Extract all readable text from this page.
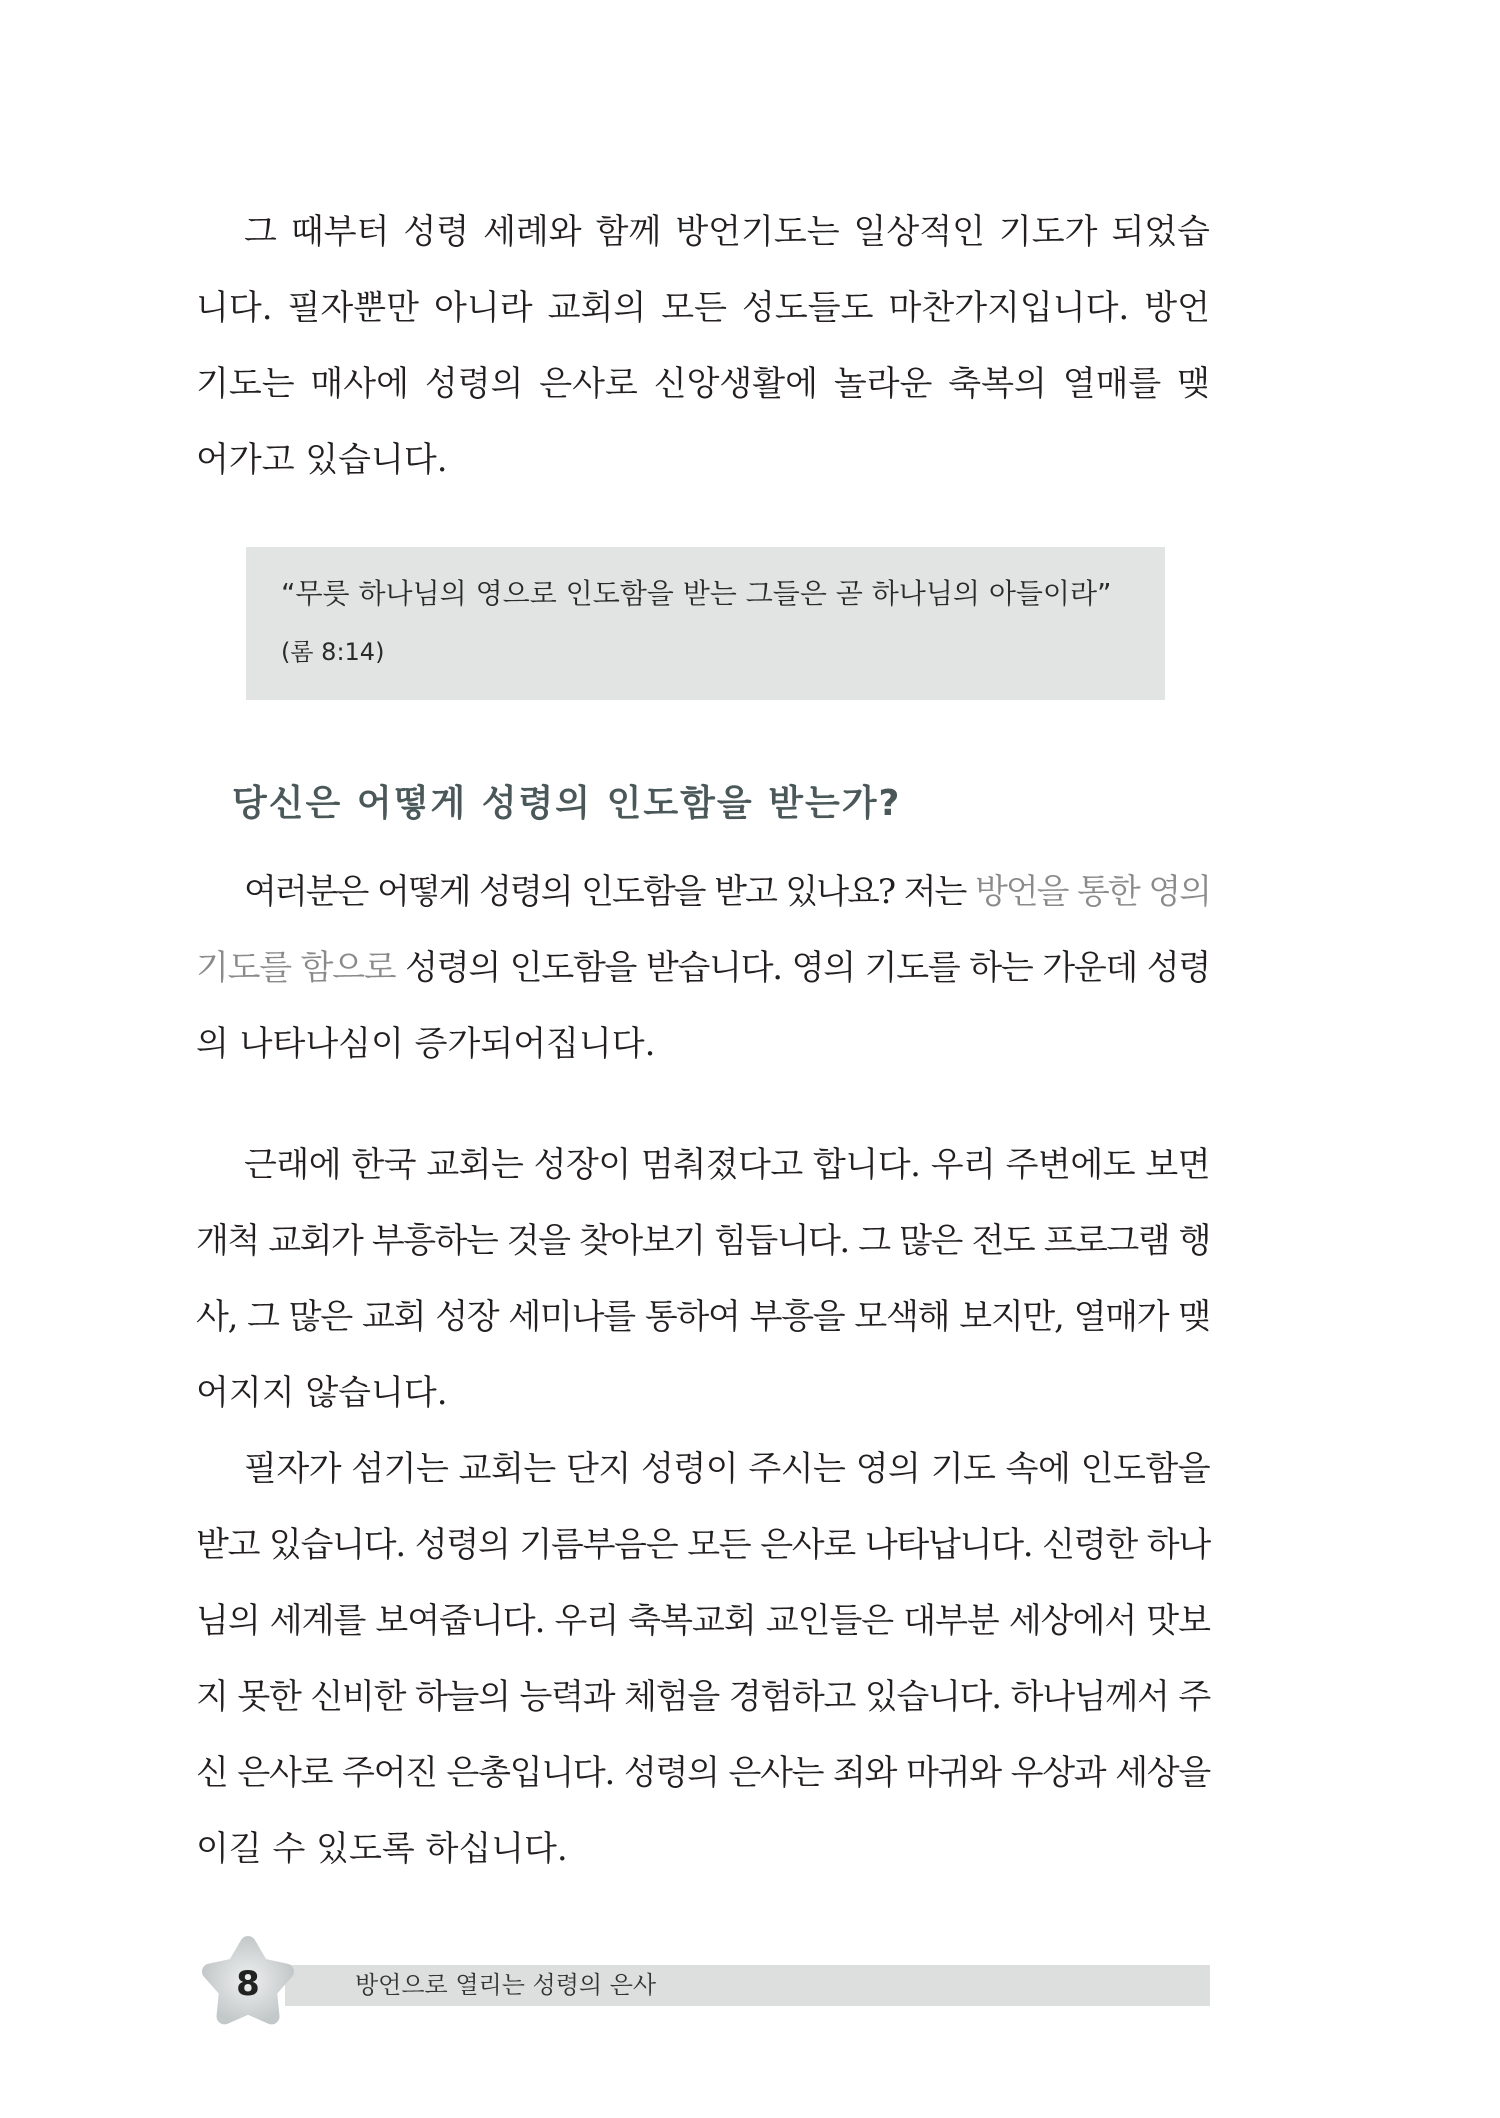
그 때부터 성령 세례와 함께 방언기도는 일상적인 기도가 되었습
니다. 필자뿐만 아니라 교회의 모든 성도들도 마찬가지입니다. 방언
기도는 매사에 성령의 은사로 신앙생활에 놀라운 축복의 열매를 맺
어가고 있습니다.
“무릇 하나님의 영으로 인도함을 받는 그들은 곧 하나님의 아들이라”
(롬 8:14)
당신은 어떻게 성령의 인도함을 받는가?
여러분은 어떻게 성령의 인도함을 받고 있나요? 저는 방언을 통한 영의
기도를 함으로 성령의 인도함을 받습니다. 영의 기도를 하는 가운데 성령
의 나타나심이 증가되어집니다.
근래에 한국 교회는 성장이 멈춰졌다고 합니다. 우리 주변에도 보면
개척 교회가 부흥하는 것을 찾아보기 힘듭니다. 그 많은 전도 프로그램 행
사, 그 많은 교회 성장 세미나를 통하여 부흥을 모색해 보지만, 열매가 맺
어지지 않습니다.
필자가 섬기는 교회는 단지 성령이 주시는 영의 기도 속에 인도함을
받고 있습니다. 성령의 기름부음은 모든 은사로 나타납니다. 신령한 하나
님의 세계를 보여줍니다. 우리 축복교회 교인들은 대부분 세상에서 맛보
지 못한 신비한 하늘의 능력과 체험을 경험하고 있습니다. 하나님께서 주
신 은사로 주어진 은총입니다. 성령의 은사는 죄와 마귀와 우상과 세상을
이길 수 있도록 하십니다.
방언으로 열리는 성령의 은사
8
